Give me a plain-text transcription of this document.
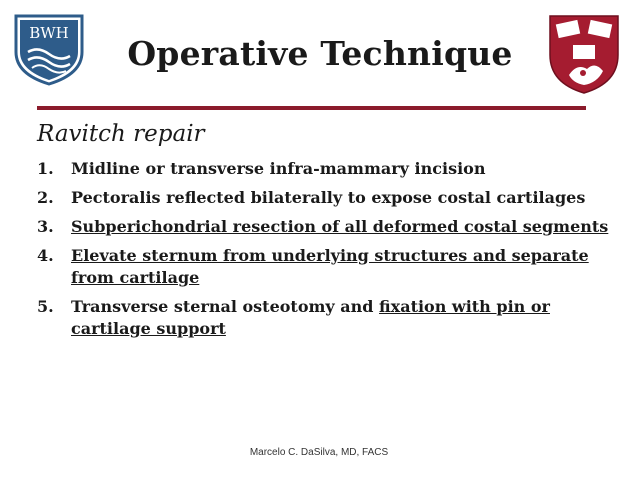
BWH
Operative Technique
Ravitch repair
1. Midline or transverse infra-mammary incision
2. Pectoralis reflected bilaterally to expose costal cartilages
3. Subperichondrial resection of all deformed costal segments
4. Elevate sternum from underlying structures and separate from cartilage
5. Transverse sternal osteotomy and fixation with pin or cartilage support
Marcelo C. DaSilva, MD, FACS
